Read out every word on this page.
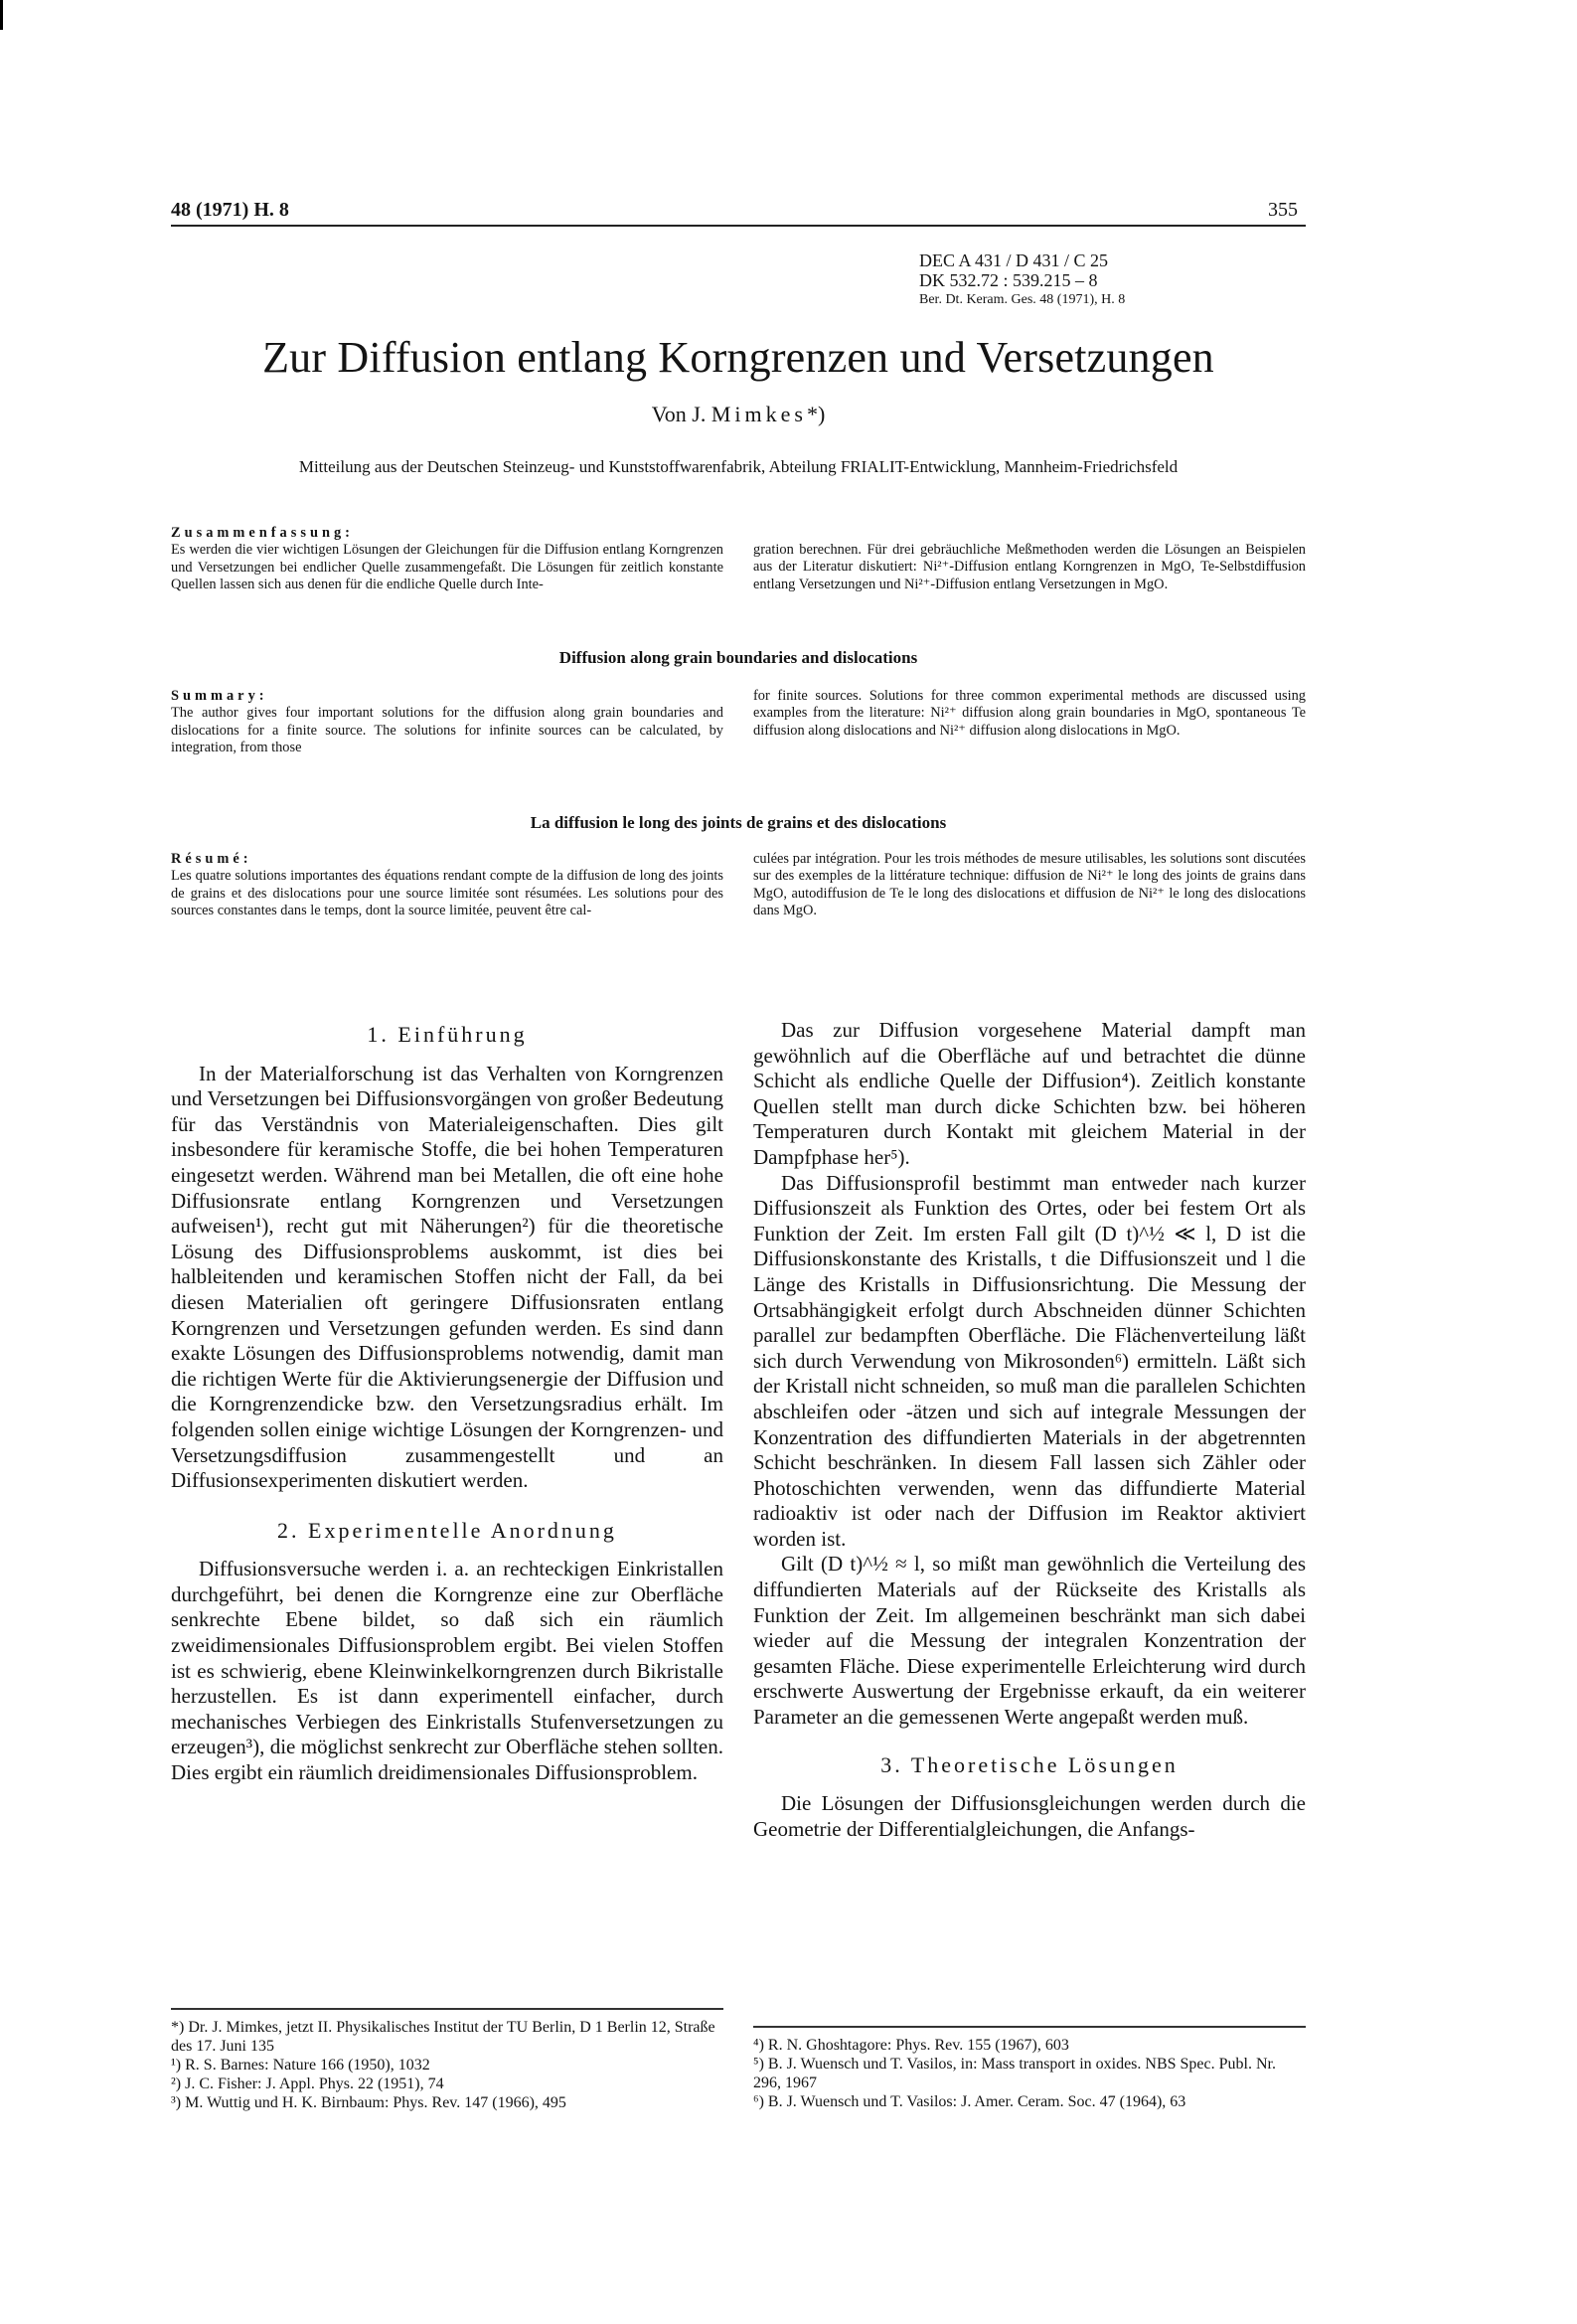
48 (1971) H. 8	355
DEC A 431 / D 431 / C 25
DK 532.72 : 539.215 – 8
Ber. Dt. Keram. Ges. 48 (1971), H. 8
Zur Diffusion entlang Korngrenzen und Versetzungen
Von J. Mimkes*)
Mitteilung aus der Deutschen Steinzeug- und Kunststoffwarenfabrik, Abteilung FRIALIT-Entwicklung, Mannheim-Friedrichsfeld
Zusammenfassung:
Es werden die vier wichtigen Lösungen der Gleichungen für die Diffusion entlang Korngrenzen und Versetzungen bei endlicher Quelle zusammengefaßt. Die Lösungen für zeitlich konstante Quellen lassen sich aus denen für die endliche Quelle durch Inte-
gration berechnen. Für drei gebräuchliche Meßmethoden werden die Lösungen an Beispielen aus der Literatur diskutiert: Ni²⁺-Diffusion entlang Korngrenzen in MgO, Te-Selbstdiffusion entlang Versetzungen und Ni²⁺-Diffusion entlang Versetzungen in MgO.
Diffusion along grain boundaries and dislocations
Summary:
The author gives four important solutions for the diffusion along grain boundaries and dislocations for a finite source. The solutions for infinite sources can be calculated, by integration, from those
for finite sources. Solutions for three common experimental methods are discussed using examples from the literature: Ni²⁺ diffusion along grain boundaries in MgO, spontaneous Te diffusion along dislocations and Ni²⁺ diffusion along dislocations in MgO.
La diffusion le long des joints de grains et des dislocations
Résumé:
Les quatre solutions importantes des équations rendant compte de la diffusion de long des joints de grains et des dislocations pour une source limitée sont résumées. Les solutions pour des sources constantes dans le temps, dont la source limitée, peuvent être cal-
culées par intégration. Pour les trois méthodes de mesure utilisables, les solutions sont discutées sur des exemples de la littérature technique: diffusion de Ni²⁺ le long des joints de grains dans MgO, autodiffusion de Te le long des dislocations et diffusion de Ni²⁺ le long des dislocations dans MgO.
1. Einführung

In der Materialforschung ist das Verhalten von Korngrenzen und Versetzungen bei Diffusionsvorgängen von großer Bedeutung für das Verständnis von Materialeigenschaften. Dies gilt insbesondere für keramische Stoffe, die bei hohen Temperaturen eingesetzt werden. Während man bei Metallen, die oft eine hohe Diffusionsrate entlang Korngrenzen und Versetzungen aufweisen¹), recht gut mit Näherungen²) für die theoretische Lösung des Diffusionsproblems auskommt, ist dies bei halbleitenden und keramischen Stoffen nicht der Fall, da bei diesen Materialien oft geringere Diffusionsraten entlang Korngrenzen und Versetzungen gefunden werden. Es sind dann exakte Lösungen des Diffusionsproblems notwendig, damit man die richtigen Werte für die Aktivierungsenergie der Diffusion und die Korngrenzendicke bzw. den Versetzungsradius erhält. Im folgenden sollen einige wichtige Lösungen der Korngrenzen- und Versetzungsdiffusion zusammengestellt und an Diffusionsexperimenten diskutiert werden.

2. Experimentelle Anordnung

Diffusionsversuche werden i. a. an rechteckigen Einkristallen durchgeführt, bei denen die Korngrenze eine zur Oberfläche senkrechte Ebene bildet, so daß sich ein räumlich zweidimensionales Diffusionsproblem ergibt. Bei vielen Stoffen ist es schwierig, ebene Kleinwinkelkorngrenzen durch Bikristalle herzustellen. Es ist dann experimentell einfacher, durch mechanisches Verbiegen des Einkristalls Stufenversetzungen zu erzeugen³), die möglichst senkrecht zur Oberfläche stehen sollten. Dies ergibt ein räumlich dreidimensionales Diffusionsproblem.

*) Dr. J. Mimkes, jetzt II. Physikalisches Institut der TU Berlin, D 1 Berlin 12, Straße des 17. Juni 135
¹) R. S. Barnes: Nature 166 (1950), 1032
²) J. C. Fisher: J. Appl. Phys. 22 (1951), 74
³) M. Wuttig und H. K. Birnbaum: Phys. Rev. 147 (1966), 495

Das zur Diffusion vorgesehene Material dampft man gewöhnlich auf die Oberfläche auf und betrachtet die dünne Schicht als endliche Quelle der Diffusion⁴). Zeitlich konstante Quellen stellt man durch dicke Schichten bzw. bei höheren Temperaturen durch Kontakt mit gleichem Material in der Dampfphase her⁵).

Das Diffusionsprofil bestimmt man entweder nach kurzer Diffusionszeit als Funktion des Ortes, oder bei festem Ort als Funktion der Zeit. Im ersten Fall gilt (D t)^½ ≪ l, D ist die Diffusionskonstante des Kristalls, t die Diffusionszeit und l die Länge des Kristalls in Diffusionsrichtung. Die Messung der Ortsabhängigkeit erfolgt durch Abschneiden dünner Schichten parallel zur bedampften Oberfläche. Die Flächenverteilung läßt sich durch Verwendung von Mikrosonden⁶) ermitteln. Läßt sich der Kristall nicht schneiden, so muß man die parallelen Schichten abschleifen oder -ätzen und sich auf integrale Messungen der Konzentration des diffundierten Materials in der abgetrennten Schicht beschränken. In diesem Fall lassen sich Zähler oder Photoschichten verwenden, wenn das diffundierte Material radioaktiv ist oder nach der Diffusion im Reaktor aktiviert worden ist.

Gilt (D t)^½ ≈ l, so mißt man gewöhnlich die Verteilung des diffundierten Materials auf der Rückseite des Kristalls als Funktion der Zeit. Im allgemeinen beschränkt man sich dabei wieder auf die Messung der integralen Konzentration der gesamten Fläche. Diese experimentelle Erleichterung wird durch erschwerte Auswertung der Ergebnisse erkauft, da ein weiterer Parameter an die gemessenen Werte angepaßt werden muß.

3. Theoretische Lösungen

Die Lösungen der Diffusionsgleichungen werden durch die Geometrie der Differentialgleichungen, die Anfangs-

⁴) R. N. Ghoshtagore: Phys. Rev. 155 (1967), 603
⁵) B. J. Wuensch und T. Vasilos, in: Mass transport in oxides. NBS Spec. Publ. Nr. 296, 1967
⁶) B. J. Wuensch und T. Vasilos: J. Amer. Ceram. Soc. 47 (1964), 63
